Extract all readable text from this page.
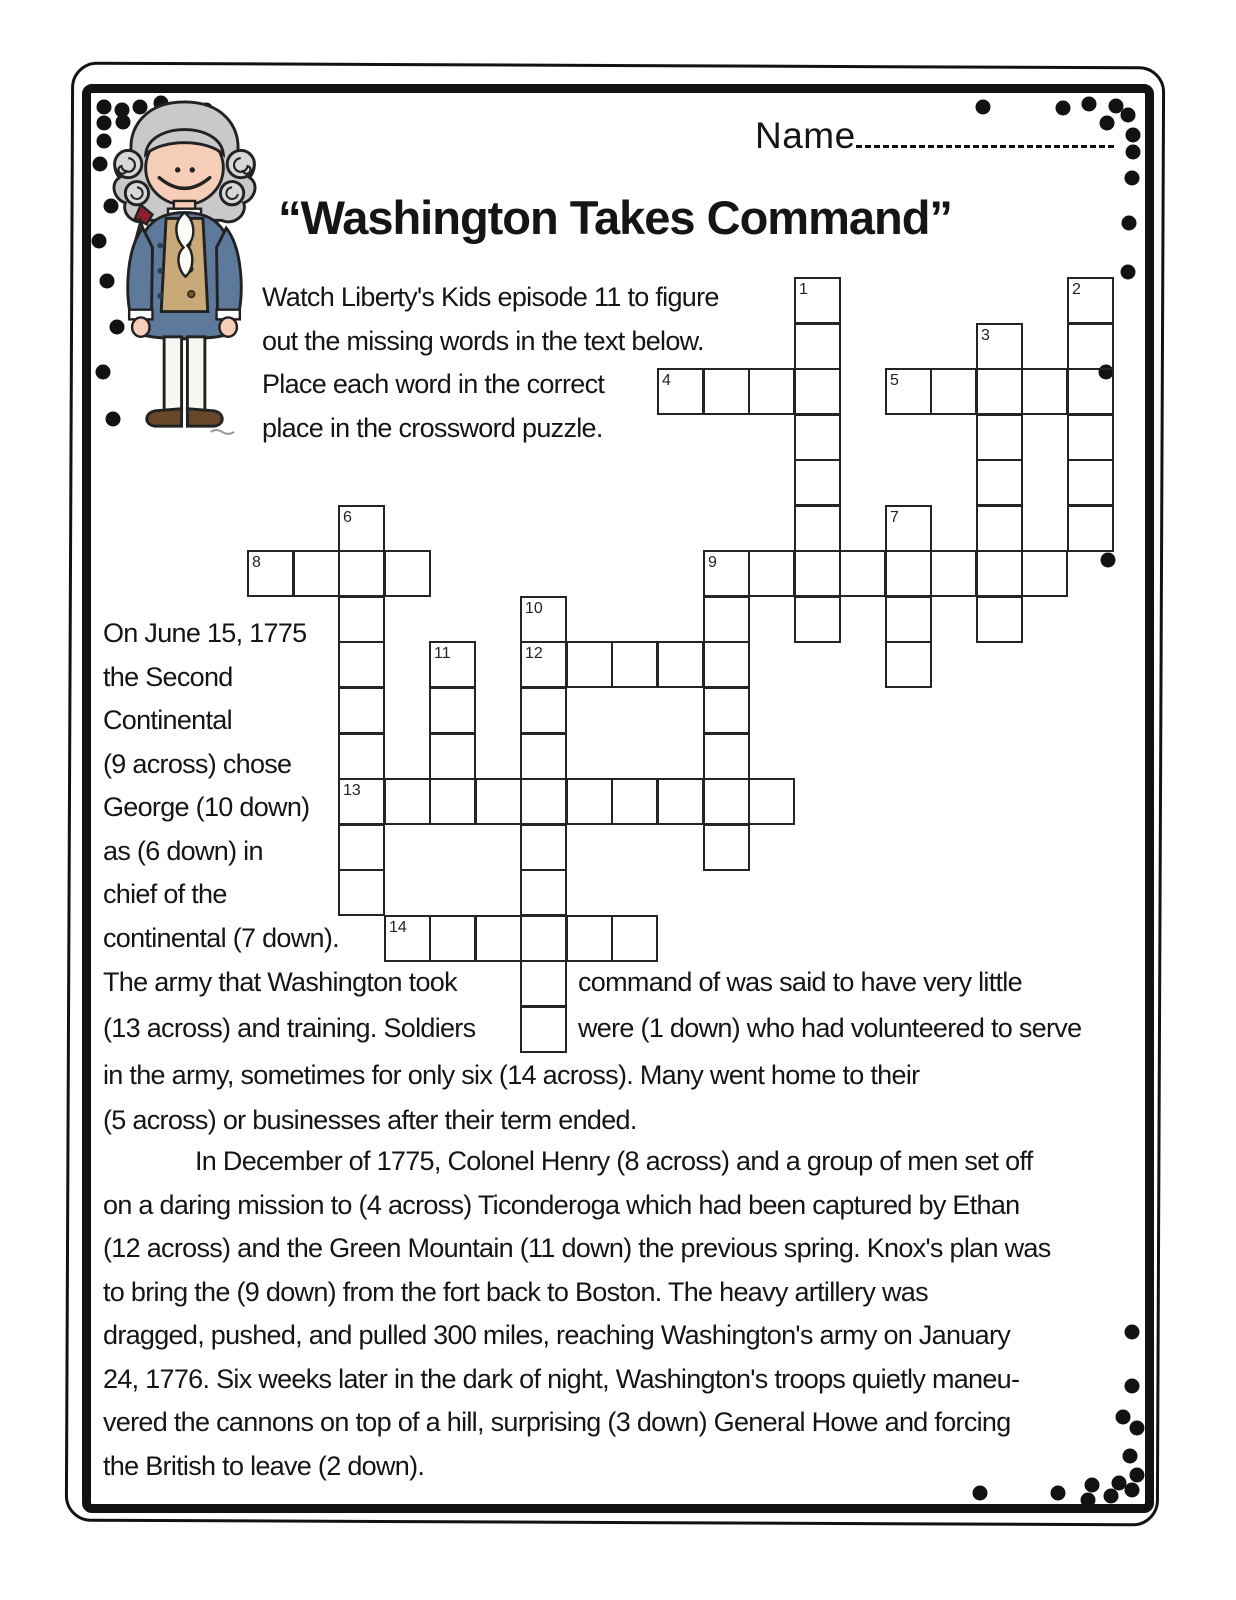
Name
“Washington Takes Command”
Watch Liberty's Kids episode 11 to figure
out the missing words in the text below.
Place each word in the correct
place in the crossword puzzle.
1	2
3
4	5
6	7
8	9
10
11	12
13
14
On June 15, 1775
the Second
Continental
(9 across) chose
George (10 down)
as (6 down) in
chief of the
continental (7 down).
The army that Washington took	command of was said to have very little
(13 across) and training. Soldiers	were (1 down) who had volunteered to serve
in the army, sometimes for only six (14 across). Many went home to their
(5 across) or businesses after their term ended.
In December of 1775, Colonel Henry (8 across) and a group of men set off
on a daring mission to (4 across) Ticonderoga which had been captured by Ethan
(12 across) and the Green Mountain (11 down) the previous spring. Knox's plan was
to bring the (9 down) from the fort back to Boston. The heavy artillery was
dragged, pushed, and pulled 300 miles, reaching Washington's army on January
24, 1776. Six weeks later in the dark of night, Washington's troops quietly maneu-
vered the cannons on top of a hill, surprising (3 down) General Howe and forcing
the British to leave (2 down).
